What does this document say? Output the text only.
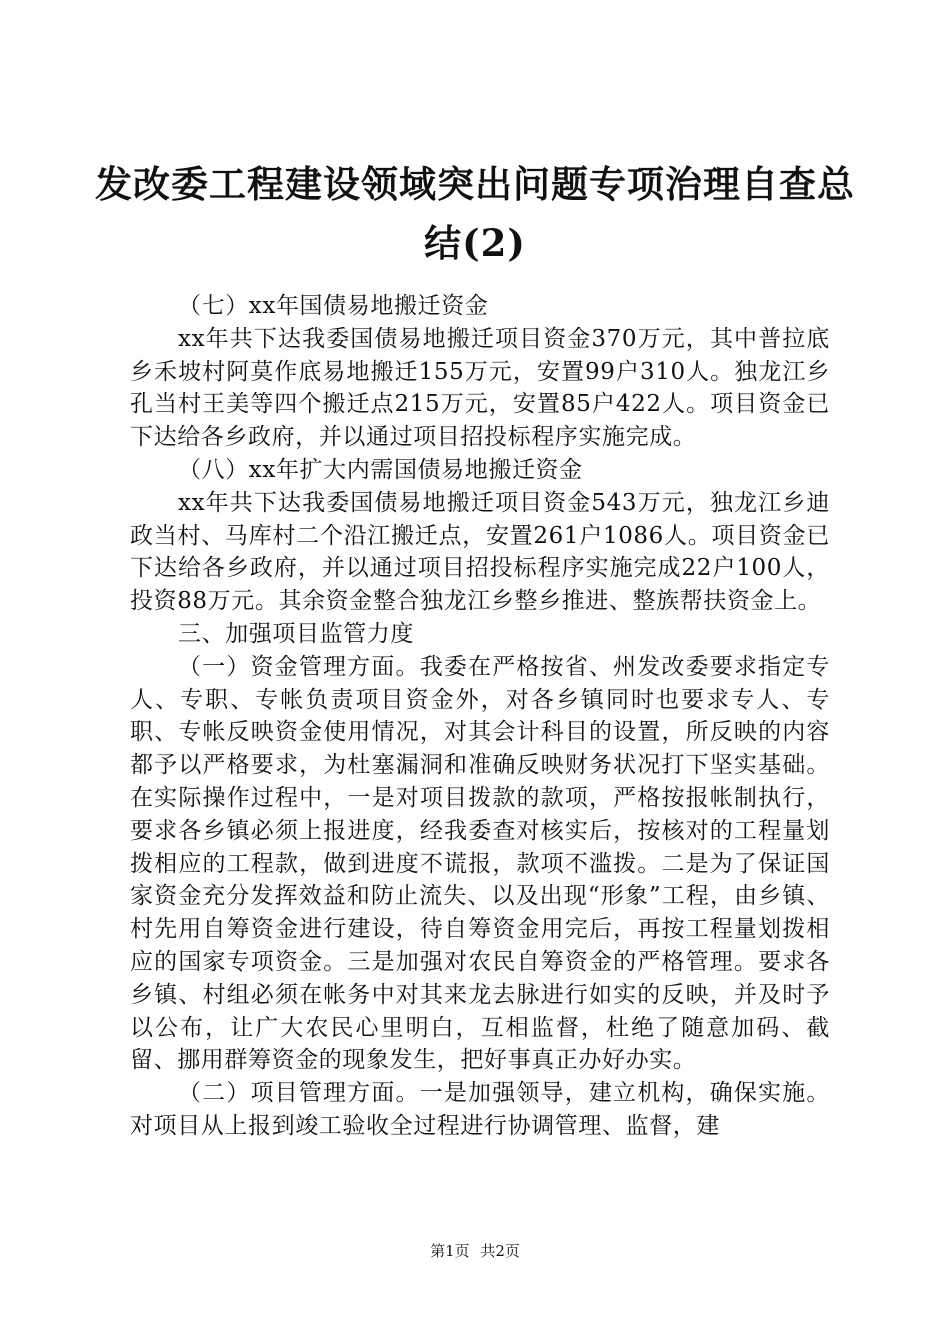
发改委工程建设领域突出问题专项治理自查总
结(2)

（七）xx年国债易地搬迁资金

xx年共下达我委国债易地搬迁项目资金370万元，其中普拉底乡禾坡村阿莫作底易地搬迁155万元，安置99户310人。独龙江乡孔当村王美等四个搬迁点215万元，安置85户422人。项目资金已下达给各乡政府，并以通过项目招投标程序实施完成。

（八）xx年扩大内需国债易地搬迁资金

xx年共下达我委国债易地搬迁项目资金543万元，独龙江乡迪政当村、马库村二个沿江搬迁点，安置261户1086人。项目资金已下达给各乡政府，并以通过项目招投标程序实施完成22户100人，投资88万元。其余资金整合独龙江乡整乡推进、整族帮扶资金上。

三、加强项目监管力度

（一）资金管理方面。我委在严格按省、州发改委要求指定专人、专职、专帐负责项目资金外，对各乡镇同时也要求专人、专职、专帐反映资金使用情况，对其会计科目的设置，所反映的内容都予以严格要求，为杜塞漏洞和准确反映财务状况打下坚实基础。在实际操作过程中，一是对项目拨款的款项，严格按报帐制执行，要求各乡镇必须上报进度，经我委查对核实后，按核对的工程量划拨相应的工程款，做到进度不谎报，款项不滥拨。二是为了保证国家资金充分发挥效益和防止流失、以及出现“形象”工程，由乡镇、村先用自筹资金进行建设，待自筹资金用完后，再按工程量划拨相应的国家专项资金。三是加强对农民自筹资金的严格管理。要求各乡镇、村组必须在帐务中对其来龙去脉进行如实的反映，并及时予以公布，让广大农民心里明白，互相监督，杜绝了随意加码、截留、挪用群筹资金的现象发生，把好事真正办好办实。

（二）项目管理方面。一是加强领导，建立机构，确保实施。对项目从上报到竣工验收全过程进行协调管理、监督，建

第1页 共2页
